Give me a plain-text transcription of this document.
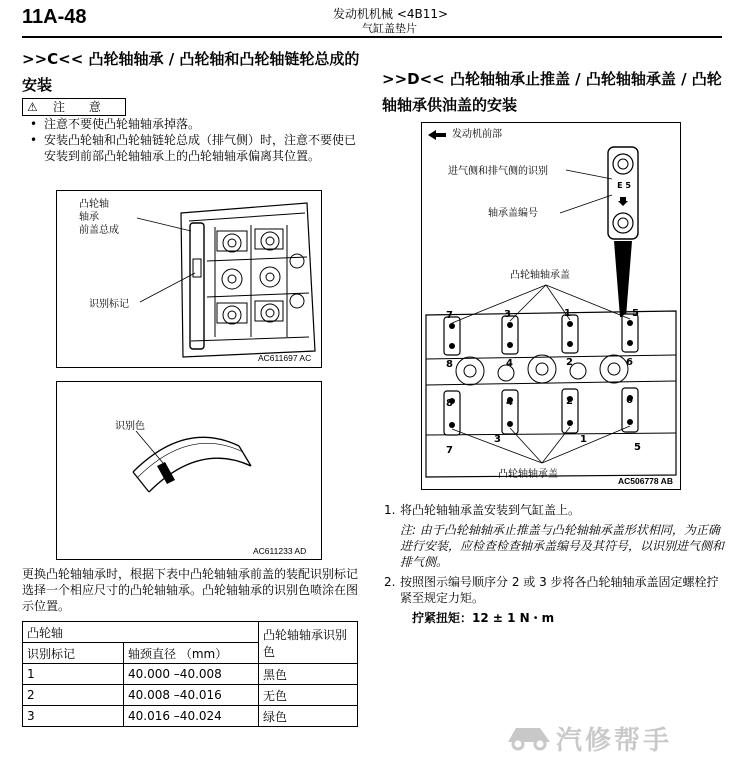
11A-48	发动机机械 <4B11>
气缸盖垫片
>>C<< 凸轮轴轴承 / 凸轮轴和凸轮轴链轮总成的安装
⚠ 注 意
• 注意不要使凸轮轴轴承掉落。
• 安装凸轮轴和凸轮轴链轮总成（排气侧）时，注意不要使已安装到前部凸轮轴轴承上的凸轮轴轴承偏离其位置。
凸轮轴
轴承
前盖总成
识别标记
AC611697 AC
识别色
AC611233 AD
更换凸轮轴轴承时，根据下表中凸轮轴轴承前盖的装配识别标记选择一个相应尺寸的凸轮轴轴承。凸轮轴轴承的识别色喷涂在图示位置。
凸轮轴		凸轮轴轴承识别色
识别标记	轴颈直径 （mm）	
1	40.000 –40.008	黑色
2	40.008 –40.016	无色
3	40.016 –40.024	绿色
>>D<< 凸轮轴轴承止推盖 / 凸轮轴轴承盖 / 凸轮轴轴承供油盖的安装
发动机前部
进气侧和排气侧的识别
轴承盖编号
E 5
凸轮轴轴承盖
凸轮轴轴承盖
7	3	1	5
8	4	2	6
8	4	2	6
7
3	1
5
AC506778 AB
1. 将凸轮轴轴承盖安装到气缸盖上。
注: 由于凸轮轴轴承止推盖与凸轮轴轴承盖形状相同，为正确进行安装，应检查检查轴承盖编号及其符号，以识别进气侧和排气侧。
2. 按照图示编号顺序分 2 或 3 步将各凸轮轴轴承盖固定螺栓拧紧至规定力矩。
拧紧扭矩：12 ± 1 N・m
汽修帮手
